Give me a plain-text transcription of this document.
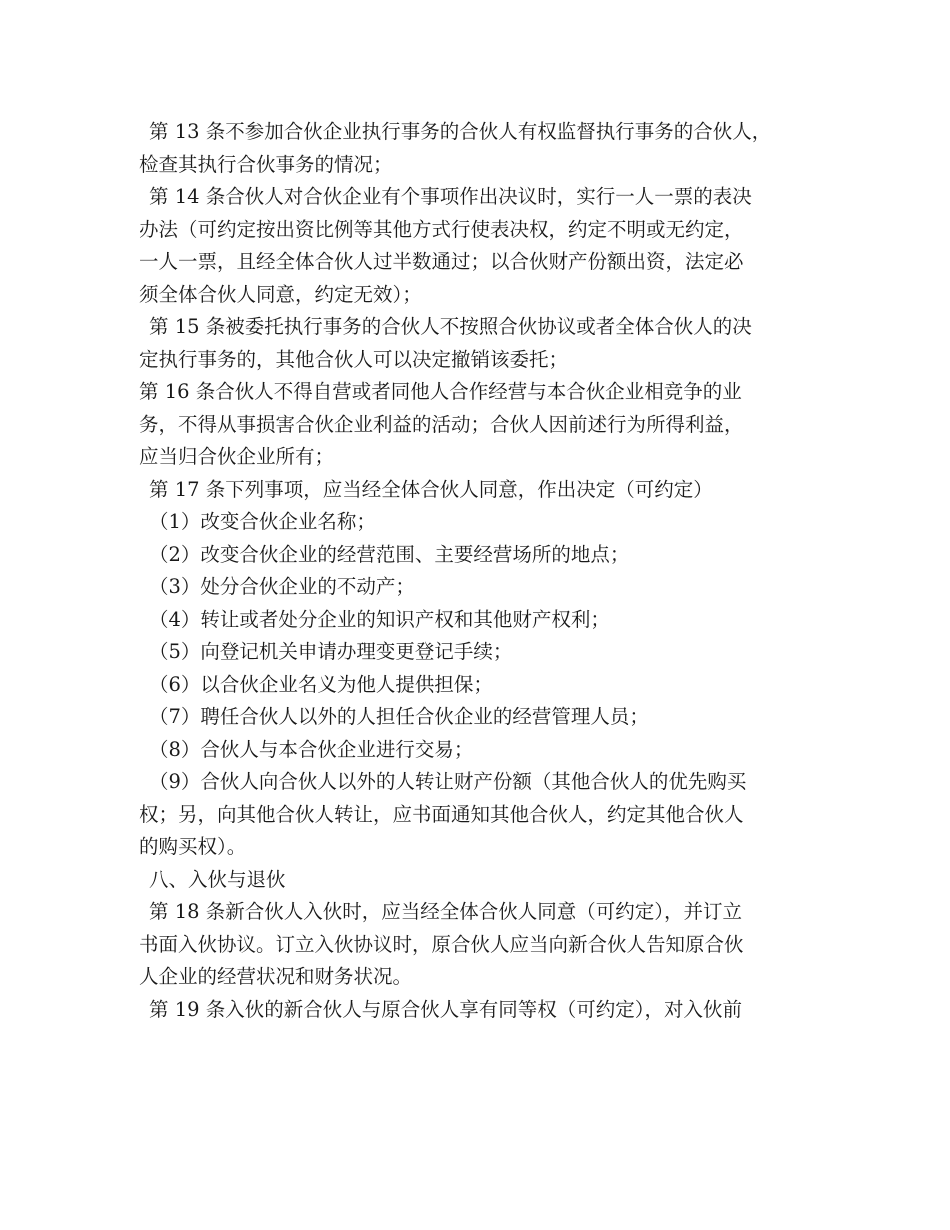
第 13 条不参加合伙企业执行事务的合伙人有权监督执行事务的合伙人，
检查其执行合伙事务的情况；
第 14 条合伙人对合伙企业有个事项作出决议时，实行一人一票的表决
办法（可约定按出资比例等其他方式行使表决权，约定不明或无约定，
一人一票，且经全体合伙人过半数通过；以合伙财产份额出资，法定必
须全体合伙人同意，约定无效）；
第 15 条被委托执行事务的合伙人不按照合伙协议或者全体合伙人的决
定执行事务的，其他合伙人可以决定撤销该委托；
第 16 条合伙人不得自营或者同他人合作经营与本合伙企业相竞争的业
务，不得从事损害合伙企业利益的活动；合伙人因前述行为所得利益，
应当归合伙企业所有；
第 17 条下列事项，应当经全体合伙人同意，作出决定（可约定）
（1）改变合伙企业名称；
（2）改变合伙企业的经营范围、主要经营场所的地点；
（3）处分合伙企业的不动产；
（4）转让或者处分企业的知识产权和其他财产权利；
（5）向登记机关申请办理变更登记手续；
（6）以合伙企业名义为他人提供担保；
（7）聘任合伙人以外的人担任合伙企业的经营管理人员；
（8）合伙人与本合伙企业进行交易；
（9）合伙人向合伙人以外的人转让财产份额（其他合伙人的优先购买
权；另，向其他合伙人转让，应书面通知其他合伙人，约定其他合伙人
的购买权）。
八、入伙与退伙
第 18 条新合伙人入伙时，应当经全体合伙人同意（可约定），并订立
书面入伙协议。订立入伙协议时，原合伙人应当向新合伙人告知原合伙
人企业的经营状况和财务状况。
第 19 条入伙的新合伙人与原合伙人享有同等权（可约定），对入伙前
